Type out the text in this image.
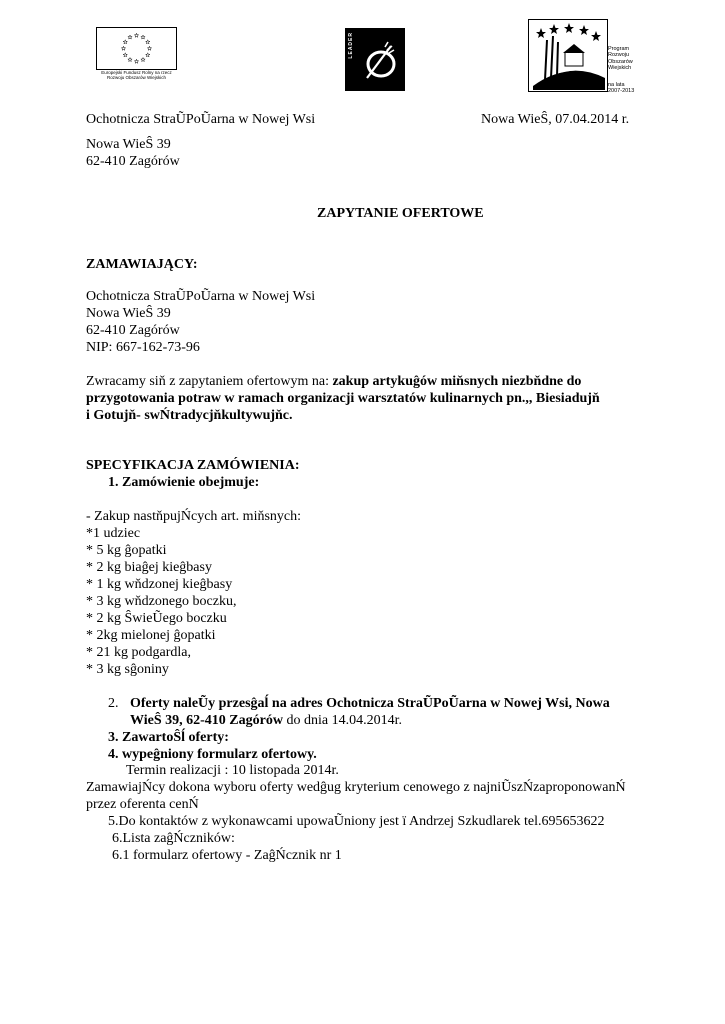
Europejski Fundusz Rolny na rzecz Rozwoju Obszarów Wiejskich
LEADER	Program
Rozwoju
Obszarów
Wiejskich
na lata 2007-2013
Ochotnicza StraŨPoŨarna w Nowej Wsi	Nowa WieŜ, 07.04.2014 r.
Nowa WieŜ 39
62-410 Zagórów
ZAPYTANIE OFERTOWE
ZAMAWIAJĄCY:
Ochotnicza StraŨPoŨarna w Nowej Wsi
Nowa WieŜ 39
62-410 Zagórów
NIP: 667-162-73-96
Zwracamy siň z zapytaniem ofertowym na: zakup artykuĝów miňsnych niezbňdne do
przygotowania potraw w ramach organizacji warsztatów kulinarnych pn.,, Biesiadujň
i Gotujň- swŃtradycjňkultywujňc.
SPECYFIKACJA ZAMÓWIENIA:
1. Zamówienie obejmuje:
- Zakup nastňpujŃcych art. miňsnych:
*1 udziec
* 5 kg ĝopatki
* 2 kg biaĝej kieĝbasy
* 1 kg wňdzonej kieĝbasy
* 3 kg wňdzonego boczku,
* 2 kg ŜwieŨego boczku
* 2kg mielonej ĝopatki
* 21 kg podgardla,
* 3 kg sĝoniny
2. Oferty naleŨy przesĝaĺ na adres Ochotnicza StraŨPoŨarna w Nowej Wsi, Nowa
WieŜ 39, 62-410 Zagórów do dnia 14.04.2014r.
3. ZawartoŜĺ oferty:
4. wypeĝniony formularz ofertowy.
Termin realizacji : 10 listopada 2014r.
ZamawiajŃcy dokona wyboru oferty wedĝug kryterium cenowego z najniŨszŃzaproponowanŃ
przez oferenta cenŃ
5.Do kontaktów z wykonawcami upowaŨniony jest ï Andrzej Szkudlarek tel.695653622
6.Lista zaĝŃczników:
6.1 formularz ofertowy - ZaĝŃcznik nr 1
